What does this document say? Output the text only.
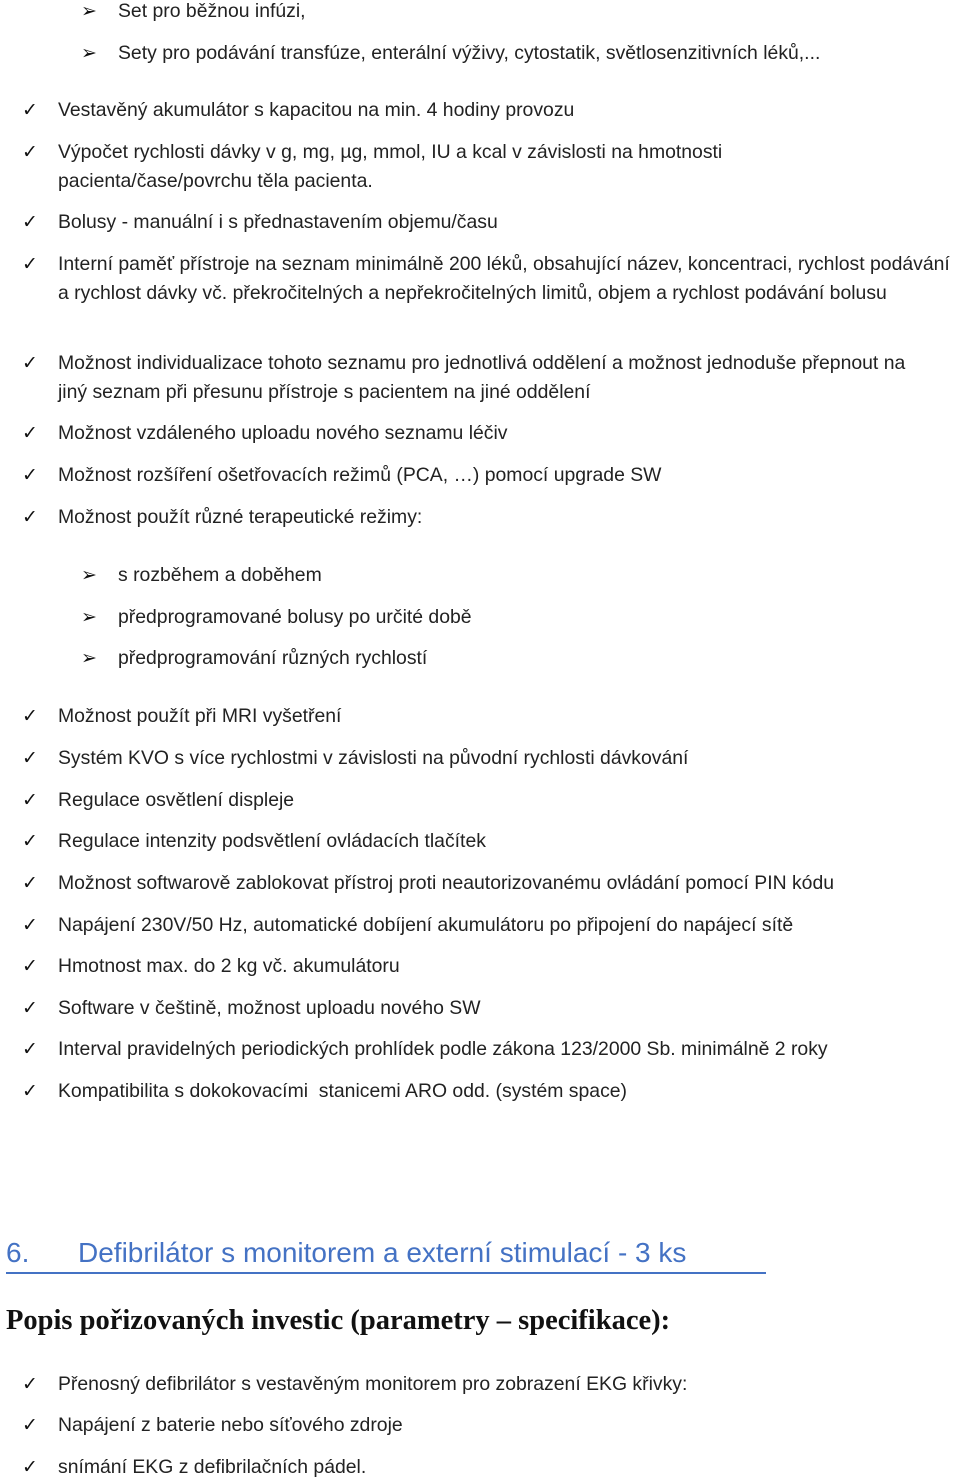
➢ Set pro běžnou infúzi,
➢ Sety pro podávání transfúze, enterální výživy, cytostatik, světlosenzitivních léků,...
✓ Vestavěný akumulátor s kapacitou na min. 4 hodiny provozu
✓ Výpočet rychlosti dávky v g, mg, µg, mmol, IU a kcal v závislosti na hmotnosti pacienta/čase/povrchu těla pacienta.
✓ Bolusy - manuální i s přednastavením objemu/času
✓ Interní paměť přístroje na seznam minimálně 200 léků, obsahující název, koncentraci, rychlost podávání a rychlost dávky vč. překročitelných a nepřekročitelných limitů, objem a rychlost podávání bolusu
✓ Možnost individualizace tohoto seznamu pro jednotlivá oddělení a možnost jednoduše přepnout na jiný seznam při přesunu přístroje s pacientem na jiné oddělení
✓ Možnost vzdáleného uploadu nového seznamu léčiv
✓ Možnost rozšíření ošetřovacích režimů (PCA, …) pomocí upgrade SW
✓ Možnost použít různé terapeutické režimy:
➢ s rozběhem a doběhem
➢ předprogramované bolusy po určité době
➢ předprogramování různých rychlostí
✓ Možnost použít při MRI vyšetření
✓ Systém KVO s více rychlostmi v závislosti na původní rychlosti dávkování
✓ Regulace osvětlení displeje
✓ Regulace intenzity podsvětlení ovládacích tlačítek
✓ Možnost softwarově zablokovat přístroj proti neautorizovanému ovládání pomocí PIN kódu
✓ Napájení 230V/50 Hz, automatické dobíjení akumulátoru po připojení do napájecí sítě
✓ Hmotnost max. do 2 kg vč. akumulátoru
✓ Software v češtině, možnost uploadu nového SW
✓ Interval pravidelných periodických prohlídek podle zákona 123/2000 Sb. minimálně 2 roky
✓ Kompatibilita s dokokovacími  stanicemi ARO odd. (systém space)
6. Defibrilátor s monitorem a externí stimulací - 3 ks
Popis pořizovaných investic (parametry – specifikace):
✓ Přenosný defibrilátor s vestavěným monitorem pro zobrazení EKG křivky:
✓ Napájení z baterie nebo síťového zdroje
✓ snímání EKG z defibrilačních pádel.
